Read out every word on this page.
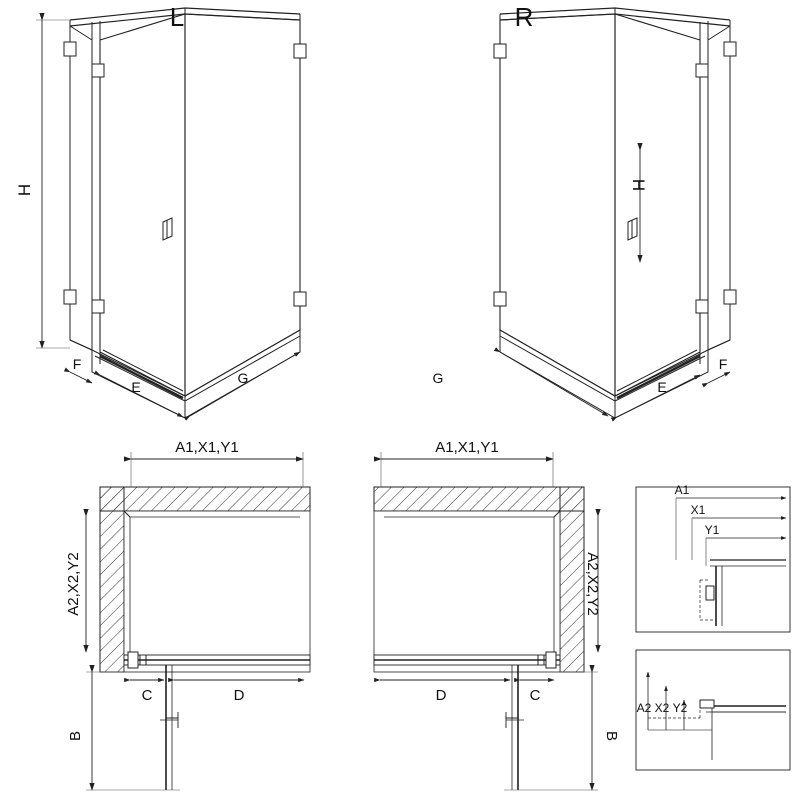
L	R
H
F
E
G
H
G
E
F
A1,X1,Y1
A2,X2,Y2
C	D
B
A1,X1,Y1
A2,X2,Y2
D	C
B
A1
X1
Y1
A2 X2 Y2
